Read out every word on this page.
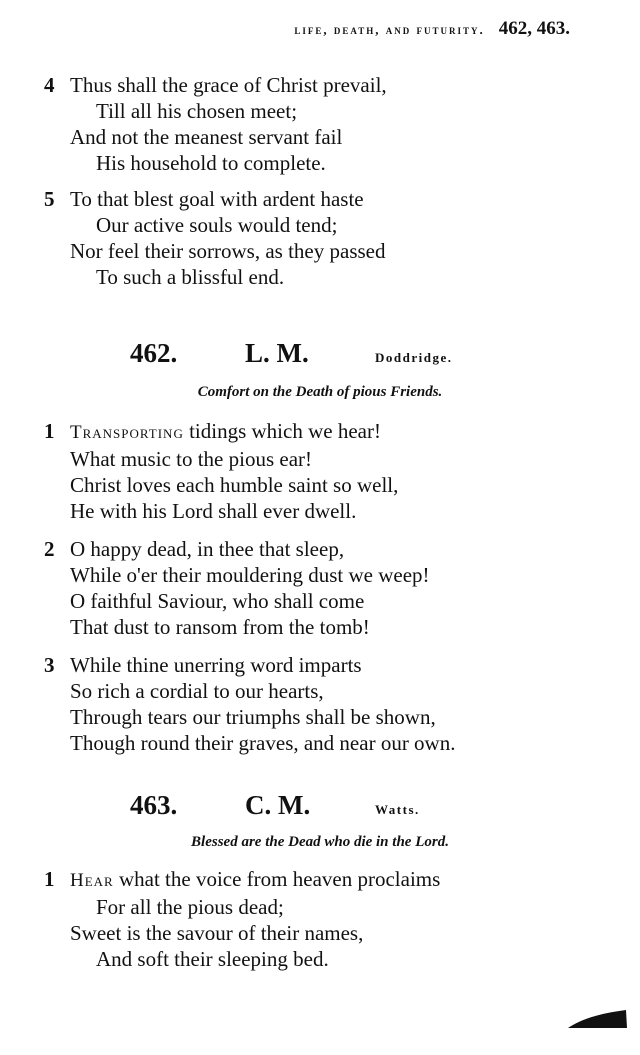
life, death, and futurity. 462, 463.
4 Thus shall the grace of Christ prevail,
Till all his chosen meet;
And not the meanest servant fail
His household to complete.
5 To that blest goal with ardent haste
Our active souls would tend;
Nor feel their sorrows, as they passed
To such a blissful end.
462.	L. M.	Doddridge.
Comfort on the Death of pious Friends.
1 Transporting tidings which we hear!
What music to the pious ear!
Christ loves each humble saint so well,
He with his Lord shall ever dwell.
2 O happy dead, in thee that sleep,
While o'er their mouldering dust we weep!
O faithful Saviour, who shall come
That dust to ransom from the tomb!
3 While thine unerring word imparts
So rich a cordial to our hearts,
Through tears our triumphs shall be shown,
Though round their graves, and near our own.
463.	C. M.	Watts.
Blessed are the Dead who die in the Lord.
1 Hear what the voice from heaven proclaims
For all the pious dead;
Sweet is the savour of their names,
And soft their sleeping bed.
